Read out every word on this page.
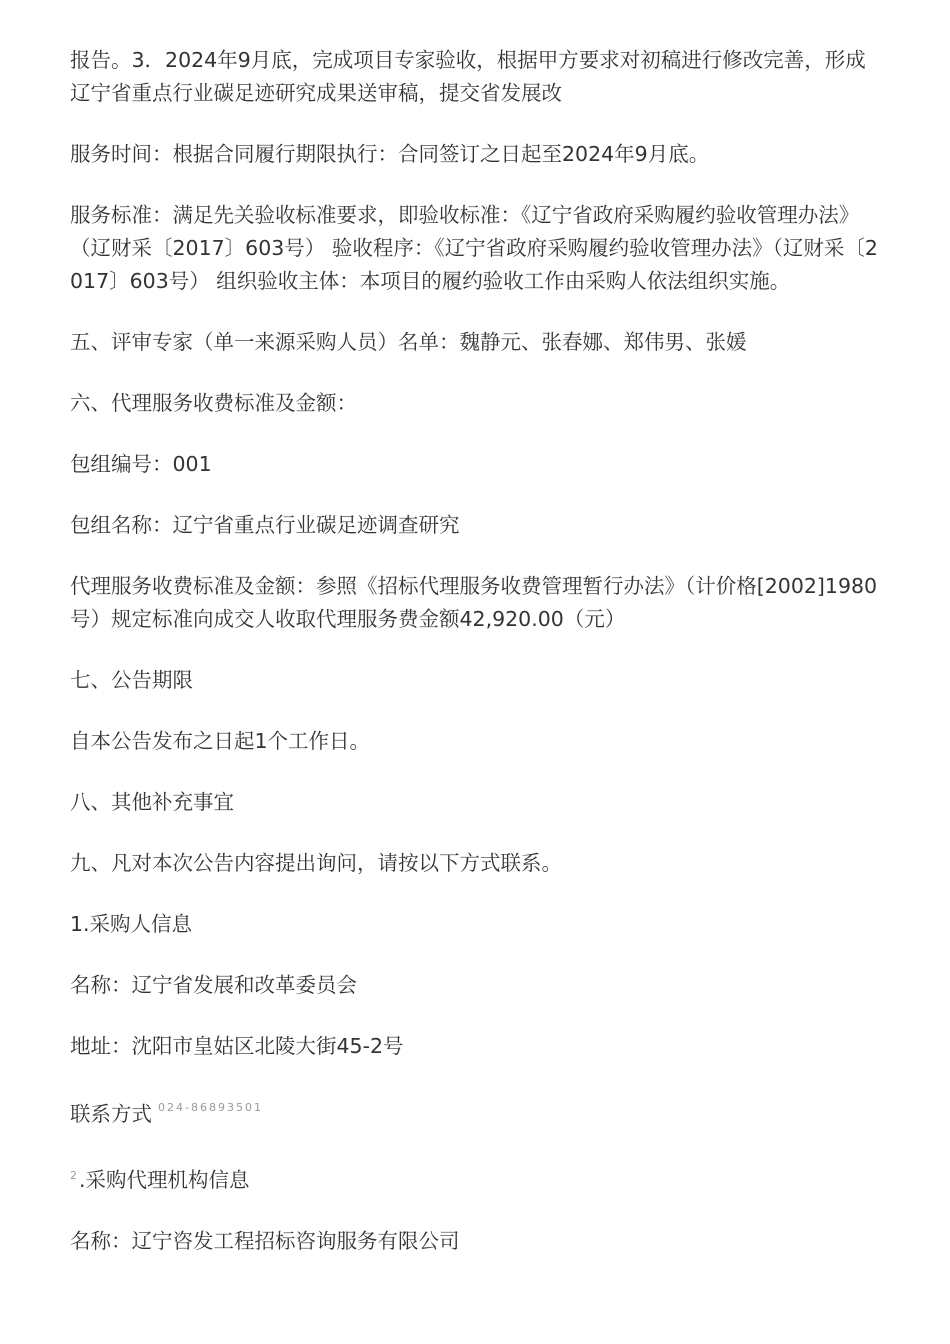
报告。3．2024年9月底，完成项目专家验收，根据甲方要求对初稿进行修改完善，形成辽宁省重点行业碳足迹研究成果送审稿，提交省发展改

服务时间：根据合同履行期限执行：合同签订之日起至2024年9月底。

服务标准：满足先关验收标准要求，即验收标准：《辽宁省政府采购履约验收管理办法》（辽财采〔2017〕603号） 验收程序：《辽宁省政府采购履约验收管理办法》（辽财采〔2017〕603号） 组织验收主体：本项目的履约验收工作由采购人依法组织实施。

五、评审专家（单一来源采购人员）名单：魏静元、张春娜、郑伟男、张媛

六、代理服务收费标准及金额：

包组编号：001

包组名称：辽宁省重点行业碳足迹调查研究

代理服务收费标准及金额：参照《招标代理服务收费管理暂行办法》（计价格[2002]1980号）规定标准向成交人收取代理服务费金额42,920.00（元）

七、公告期限

自本公告发布之日起1个工作日。

八、其他补充事宜

九、凡对本次公告内容提出询问，请按以下方式联系。

1.采购人信息

名称：辽宁省发展和改革委员会

地址：沈阳市皇姑区北陵大街45-2号

联系方式 $^{024-86893501}$

$^2$.采购代理机构信息

名称：辽宁咨发工程招标咨询服务有限公司
